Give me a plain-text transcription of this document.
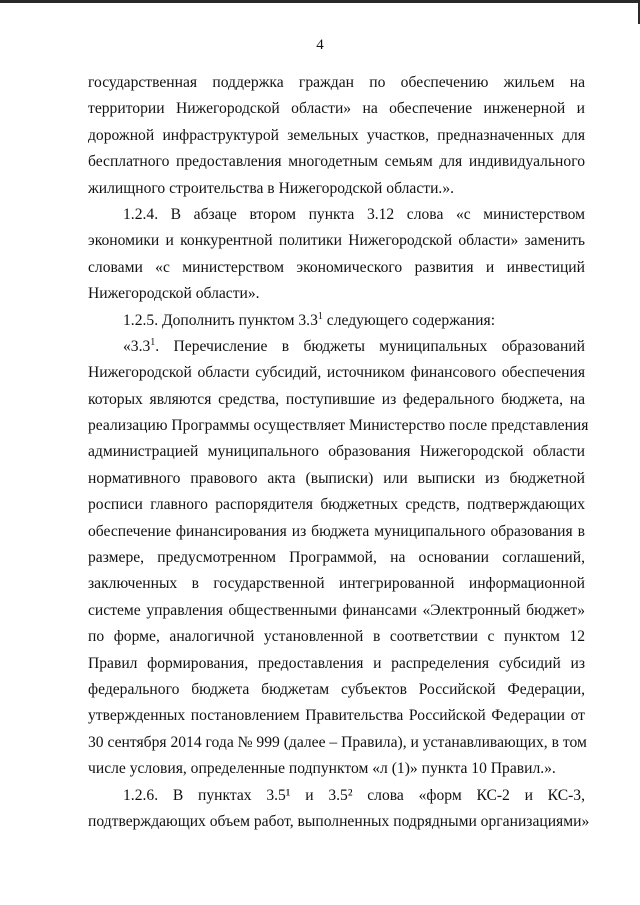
4
государственная поддержка граждан по обеспечению жильем на
территории Нижегородской области» на обеспечение инженерной и
дорожной инфраструктурой земельных участков, предназначенных для
бесплатного предоставления многодетным семьям для индивидуального
жилищного строительства в Нижегородской области.».
1.2.4. В абзаце втором пункта 3.12 слова «с министерством
экономики и конкурентной политики Нижегородской области» заменить
словами «с министерством экономического развития и инвестиций
Нижегородской области».
1.2.5. Дополнить пунктом $3.3^1$ следующего содержания:
«$3.3^1$. Перечисление в бюджеты муниципальных образований
Нижегородской области субсидий, источником финансового обеспечения
которых являются средства, поступившие из федерального бюджета, на
реализацию Программы осуществляет Министерство после представления
администрацией муниципального образования Нижегородской области
нормативного правового акта (выписки) или выписки из бюджетной
росписи главного распорядителя бюджетных средств, подтверждающих
обеспечение финансирования из бюджета муниципального образования в
размере, предусмотренном Программой, на основании соглашений,
заключенных в государственной интегрированной информационной
системе управления общественными финансами «Электронный бюджет»
по форме, аналогичной установленной в соответствии с пунктом 12
Правил формирования, предоставления и распределения субсидий из
федерального бюджета бюджетам субъектов Российской Федерации,
утвержденных постановлением Правительства Российской Федерации от
30 сентября 2014 года № 999 (далее – Правила), и устанавливающих, в том
числе условия, определенные подпунктом «л (1)» пункта 10 Правил.».
1.2.6. В пунктах 3.5¹ и 3.5² слова «форм КС-2 и КС-3,
подтверждающих объем работ, выполненных подрядными организациями»
